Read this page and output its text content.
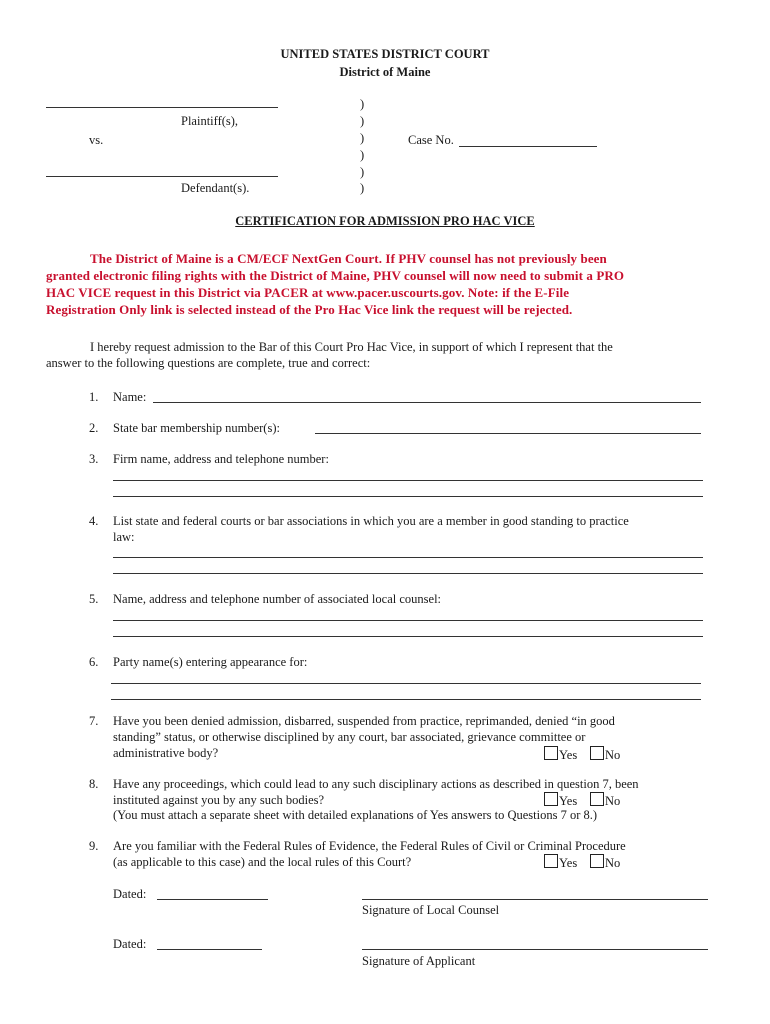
UNITED STATES DISTRICT COURT
District of Maine
Plaintiff(s),
vs.
Defendant(s).
)
)
)
)
)
)
Case No.
CERTIFICATION FOR ADMISSION PRO HAC VICE
The District of Maine is a CM/ECF NextGen Court. If PHV counsel has not previously been
granted electronic filing rights with the District of Maine, PHV counsel will now need to submit a PRO
HAC VICE request in this District via PACER at www.pacer.uscourts.gov. Note: if the E-File
Registration Only link is selected instead of the Pro Hac Vice link the request will be rejected.
I hereby request admission to the Bar of this Court Pro Hac Vice, in support of which I represent that the
answer to the following questions are complete, true and correct:
1. Name:
2. State bar membership number(s):
3. Firm name, address and telephone number:
4. List state and federal courts or bar associations in which you are a member in good standing to practice
law:
5. Name, address and telephone number of associated local counsel:
6. Party name(s) entering appearance for:
7. Have you been denied admission, disbarred, suspended from practice, reprimanded, denied “in good
standing” status, or otherwise disciplined by any court, bar associated, grievance committee or
administrative body?	Yes	No
8. Have any proceedings, which could lead to any such disciplinary actions as described in question 7, been
instituted against you by any such bodies?
(You must attach a separate sheet with detailed explanations of Yes answers to Questions 7 or 8.)
Yes	No
9. Are you familiar with the Federal Rules of Evidence, the Federal Rules of Civil or Criminal Procedure
(as applicable to this case) and the local rules of this Court?	Yes	No
Dated:
Signature of Local Counsel
Dated:
Signature of Applicant
